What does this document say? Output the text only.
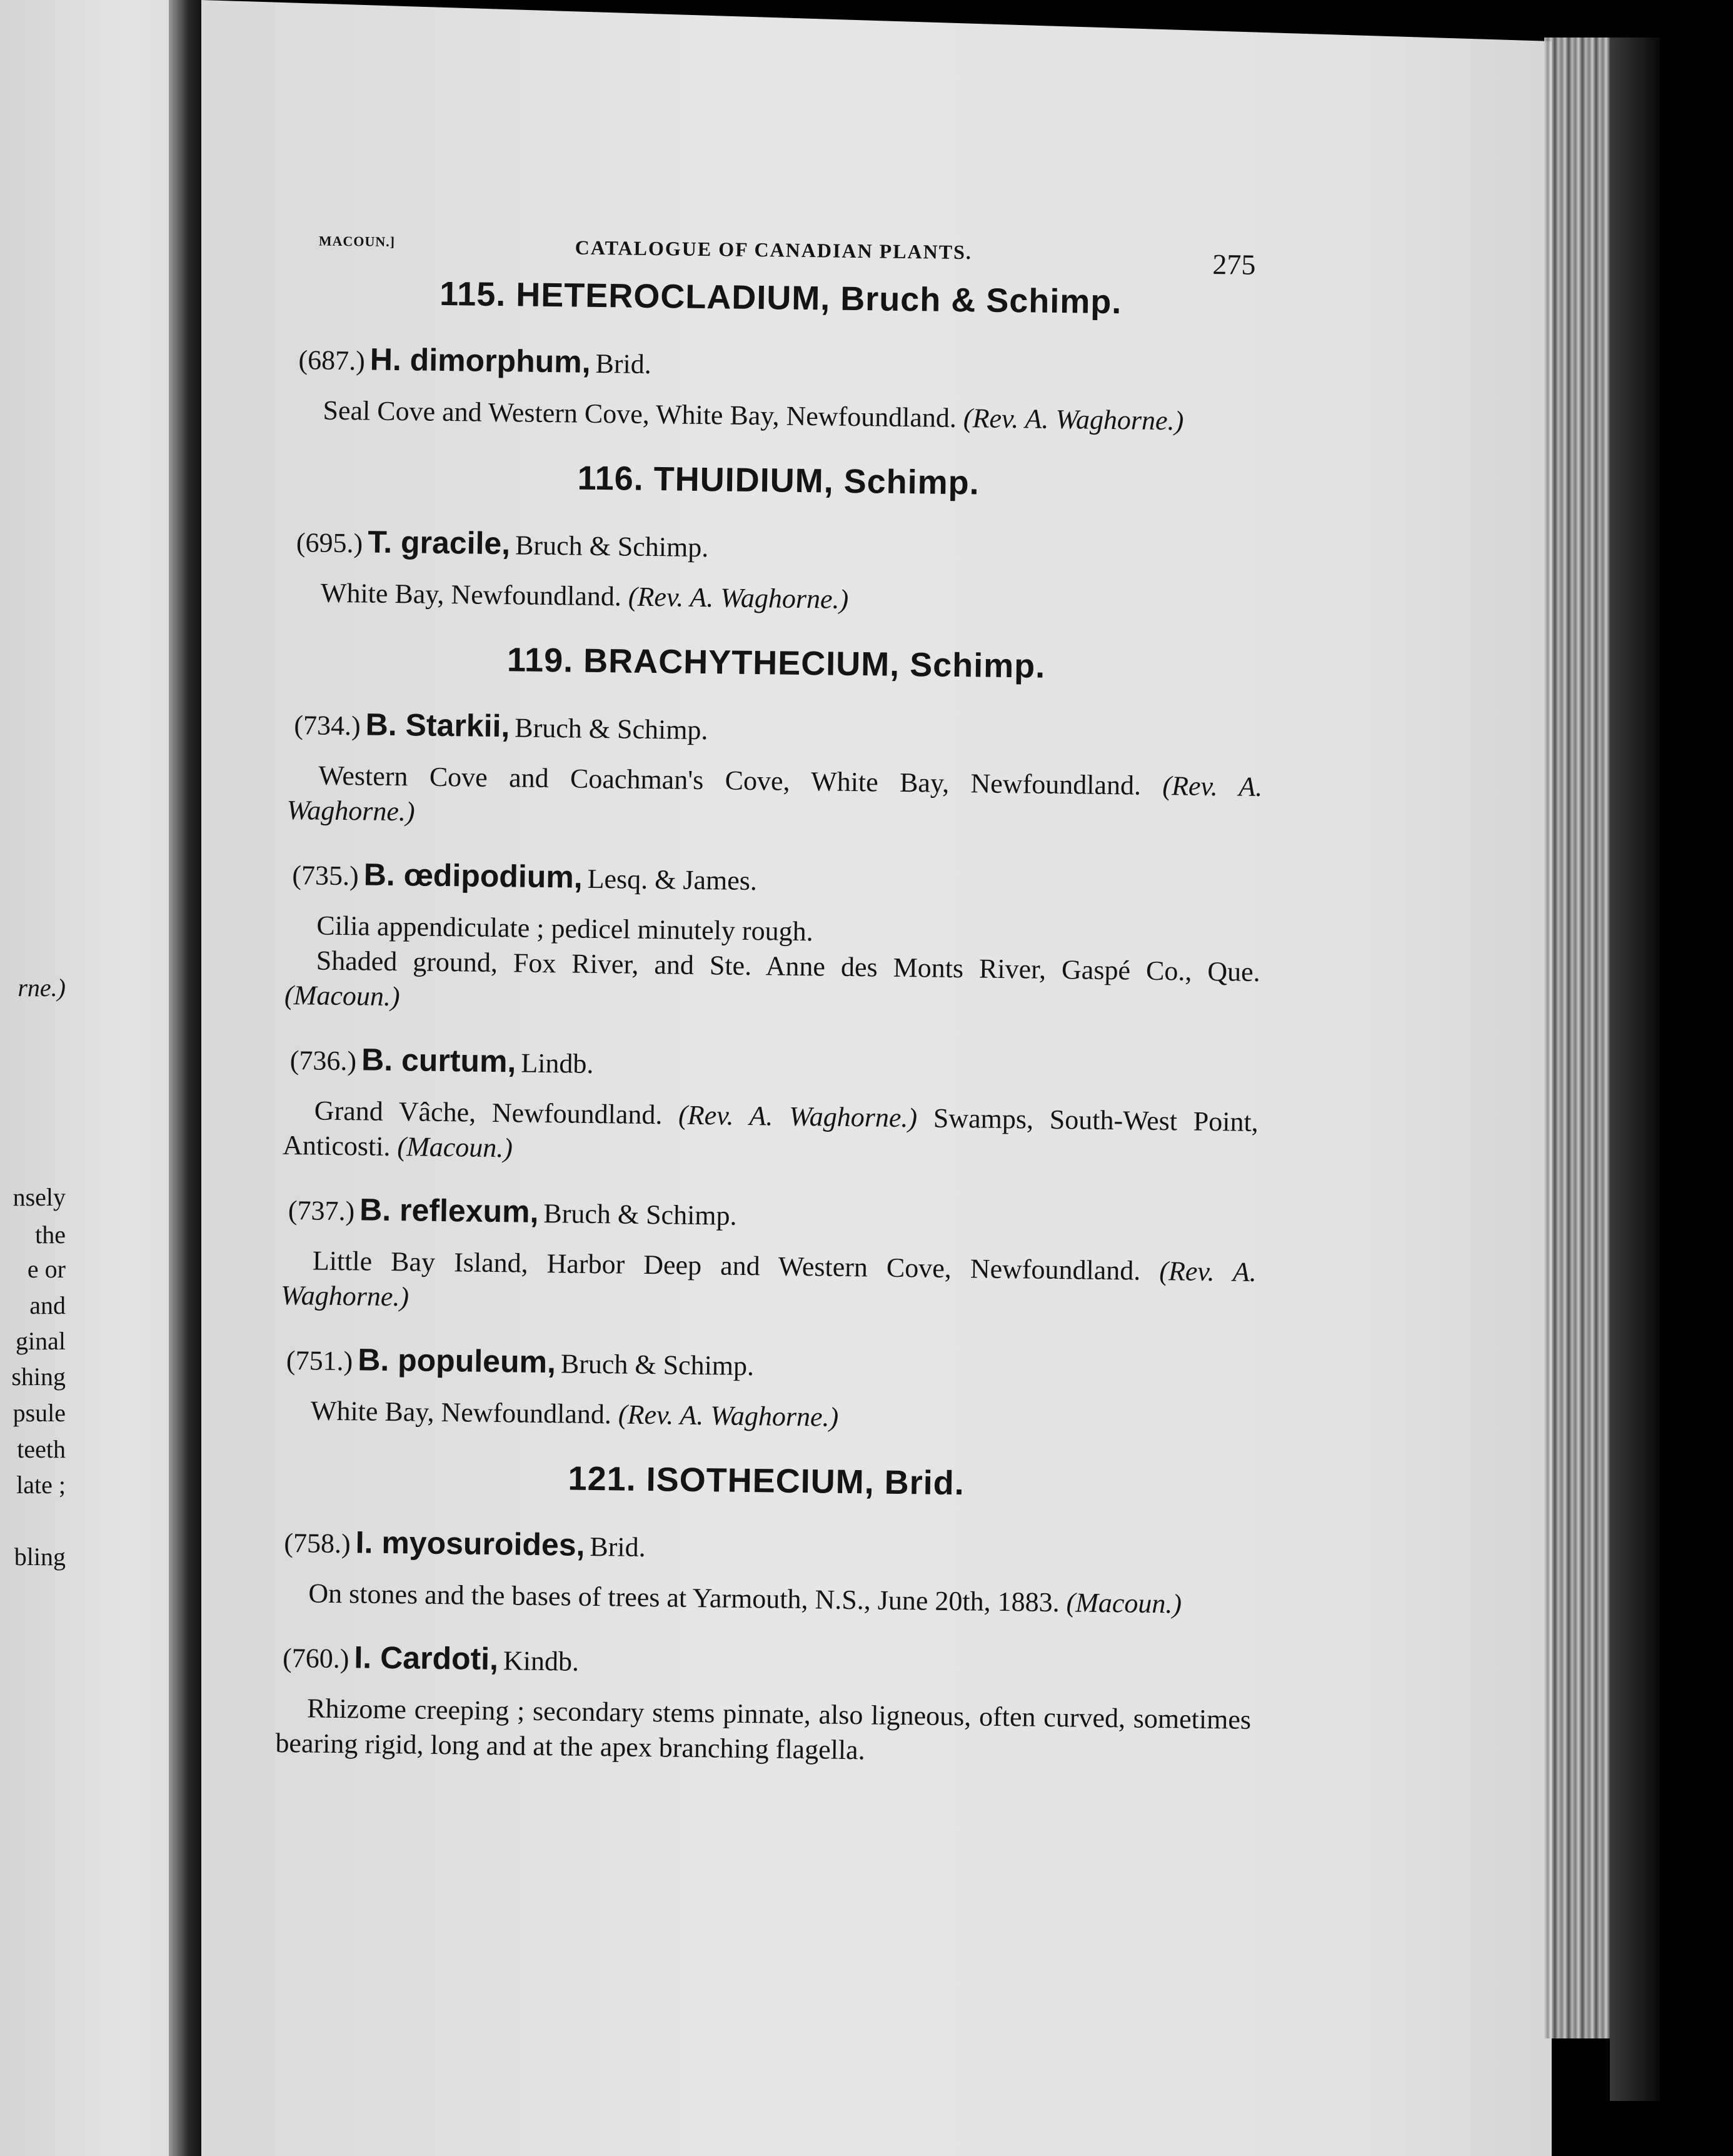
rne.)
nsely
the
e or
and
ginal
shing
psule
teeth
late ;
bling
MACOUN.]	CATALOGUE OF CANADIAN PLANTS.	275
115. HETEROCLADIUM, Bruch & Schimp.
(687.) H. dimorphum, Brid.
Seal Cove and Western Cove, White Bay, Newfoundland. (Rev. A. Waghorne.)
116. THUIDIUM, Schimp.
(695.) T. gracile, Bruch & Schimp.
White Bay, Newfoundland. (Rev. A. Waghorne.)
119. BRACHYTHECIUM, Schimp.
(734.) B. Starkii, Bruch & Schimp.
Western Cove and Coachman's Cove, White Bay, Newfoundland. (Rev. A. Waghorne.)
(735.) B. œdipodium, Lesq. & James.
Cilia appendiculate ; pedicel minutely rough.
Shaded ground, Fox River, and Ste. Anne des Monts River, Gaspé Co., Que. (Macoun.)
(736.) B. curtum, Lindb.
Grand Vâche, Newfoundland. (Rev. A. Waghorne.) Swamps, South-West Point, Anticosti. (Macoun.)
(737.) B. reflexum, Bruch & Schimp.
Little Bay Island, Harbor Deep and Western Cove, Newfoundland. (Rev. A. Waghorne.)
(751.) B. populeum, Bruch & Schimp.
White Bay, Newfoundland. (Rev. A. Waghorne.)
121. ISOTHECIUM, Brid.
(758.) I. myosuroides, Brid.
On stones and the bases of trees at Yarmouth, N.S., June 20th, 1883. (Macoun.)
(760.) I. Cardoti, Kindb.
Rhizome creeping ; secondary stems pinnate, also ligneous, often curved, sometimes bearing rigid, long and at the apex branching flagella.
